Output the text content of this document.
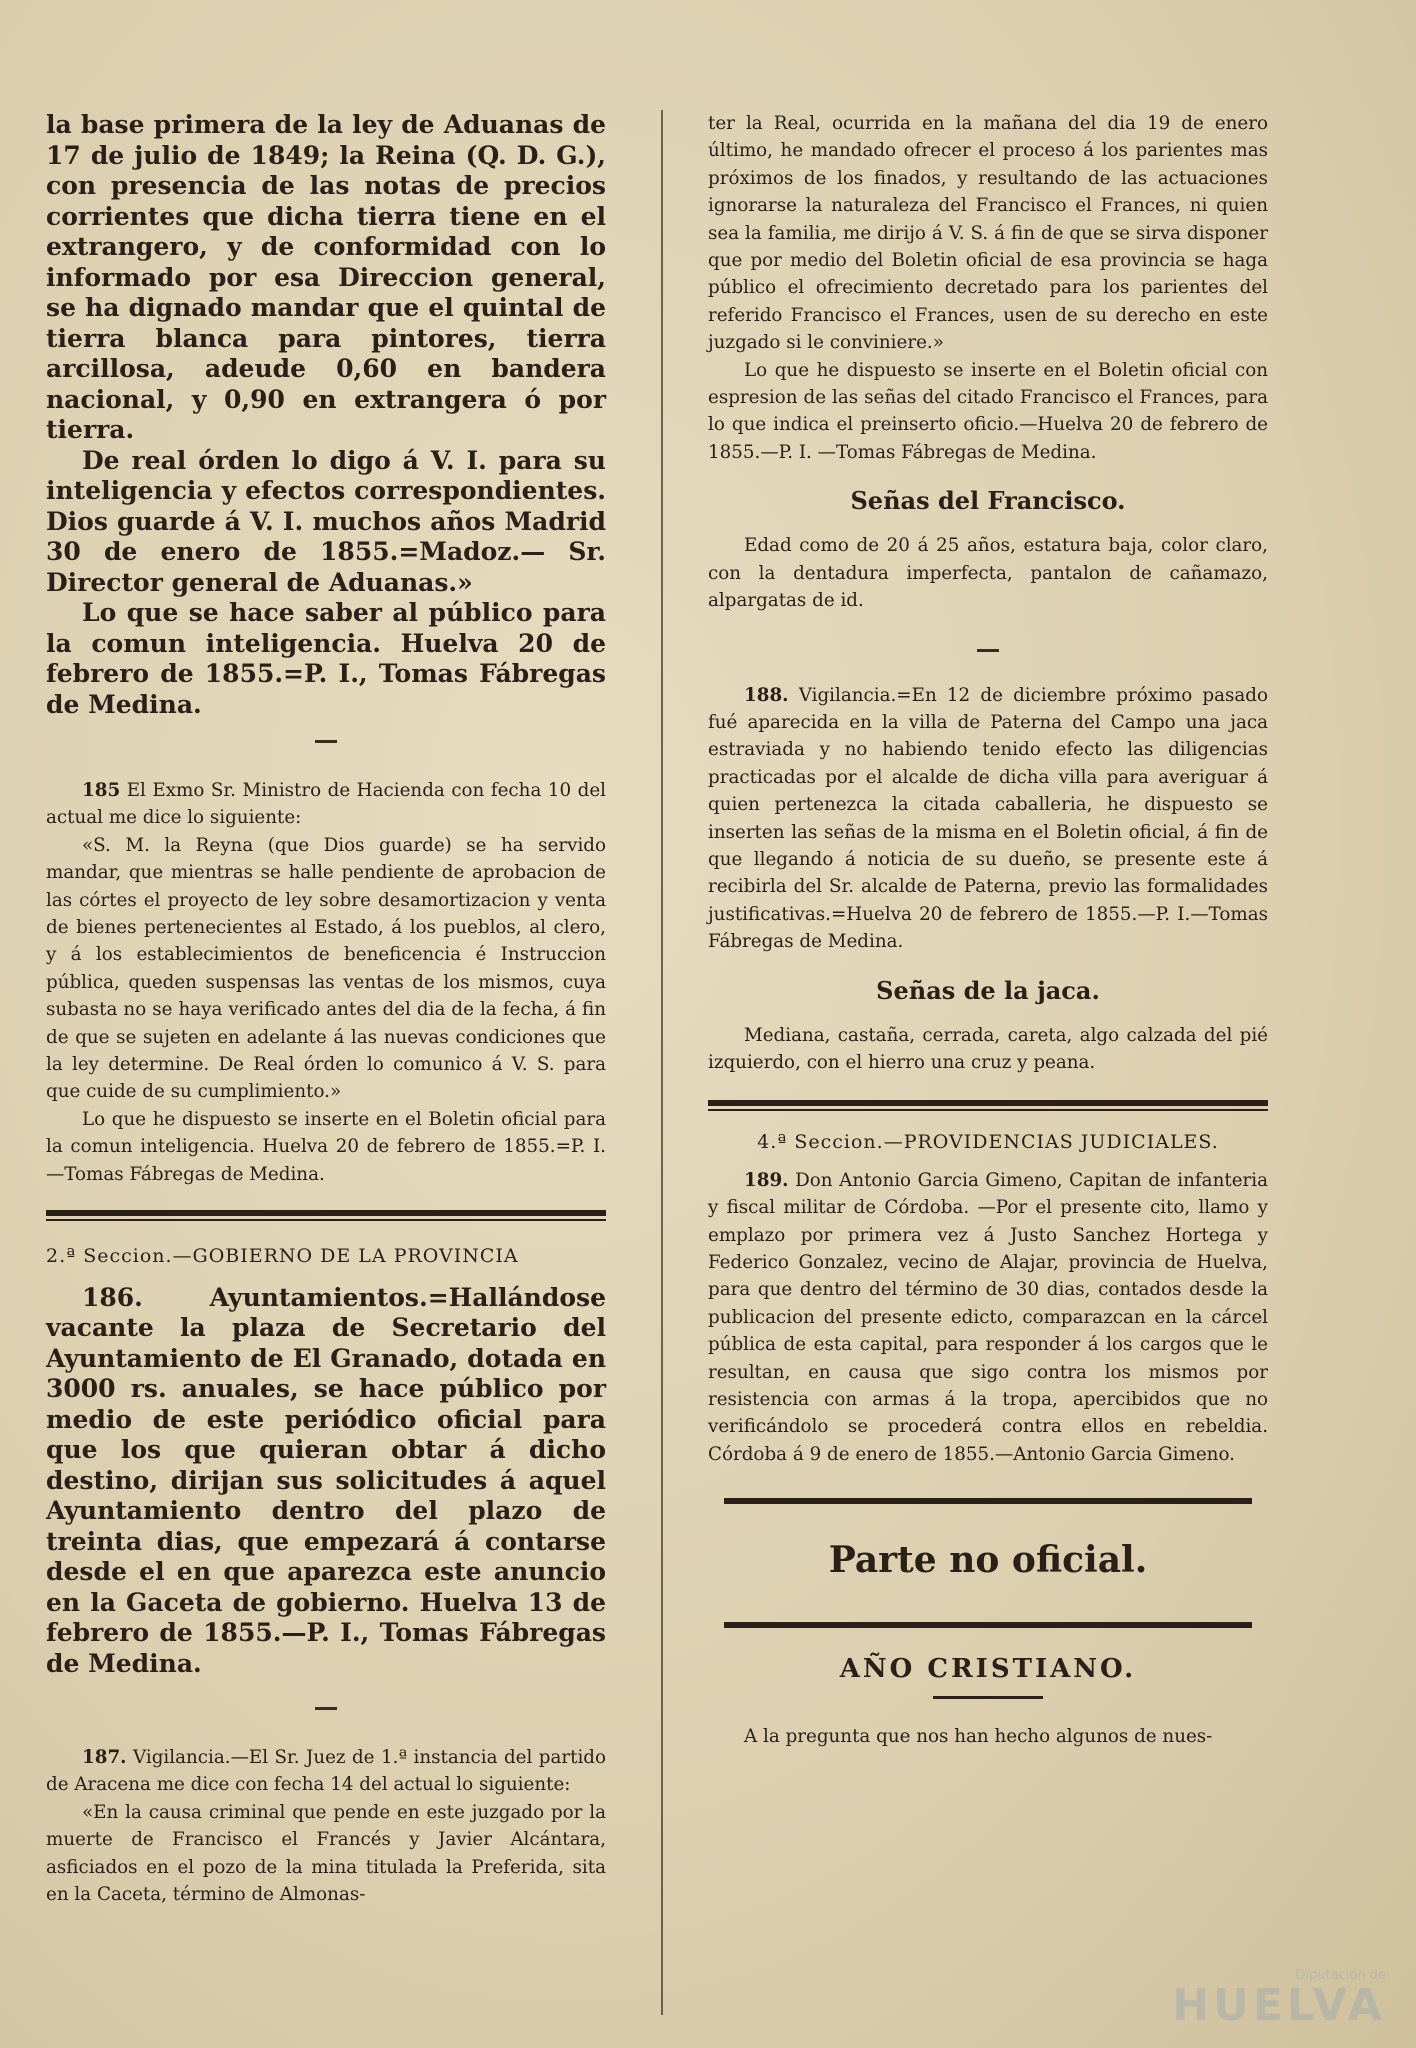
la base primera de la ley de Aduanas de 17 de julio de 1849; la Reina (Q. D. G.), con presencia de las notas de precios corrientes que dicha tierra tiene en el extrangero, y de conformidad con lo informado por esa Direccion general, se ha dignado mandar que el quintal de tierra blanca para pintores, tierra arcillosa, adeude 0,60 en bandera nacional, y 0,90 en extrangera ó por tierra.

De real órden lo digo á V. I. para su inteligencia y efectos correspondientes. Dios guarde á V. I. muchos años Madrid 30 de enero de 1855.=Madoz.— Sr. Director general de Aduanas.»

Lo que se hace saber al público para la comun inteligencia. Huelva 20 de febrero de 1855.=P. I., Tomas Fábregas de Medina.

185 El Exmo Sr. Ministro de Hacienda con fecha 10 del actual me dice lo siguiente:

«S. M. la Reyna (que Dios guarde) se ha servido mandar, que mientras se halle pendiente de aprobacion de las córtes el proyecto de ley sobre desamortizacion y venta de bienes pertenecientes al Estado, á los pueblos, al clero, y á los establecimientos de beneficencia é Instruccion pública, queden suspensas las ventas de los mismos, cuya subasta no se haya verificado antes del dia de la fecha, á fin de que se sujeten en adelante á las nuevas condiciones que la ley determine. De Real órden lo comunico á V. S. para que cuide de su cumplimiento.»

Lo que he dispuesto se inserte en el Boletin oficial para la comun inteligencia. Huelva 20 de febrero de 1855.=P. I.—Tomas Fábregas de Medina.

2.ª Seccion.—GOBIERNO DE LA PROVINCIA

186.	Ayuntamientos.=Hallándose vacante la plaza de Secretario del Ayuntamiento de El Granado, dotada en 3000 rs. anuales, se hace público por medio de este periódico oficial para que los que quieran obtar á dicho destino, dirijan sus solicitudes á aquel Ayuntamiento dentro del plazo de treinta dias, que empezará á contarse desde el en que aparezca este anuncio en la Gaceta de gobierno. Huelva 13 de febrero de 1855.—P. I., Tomas Fábregas de Medina.

187. Vigilancia.—El Sr. Juez de 1.ª instancia del partido de Aracena me dice con fecha 14 del actual lo siguiente:

«En la causa criminal que pende en este juzgado por la muerte de Francisco el Francés y Javier Alcántara, asficiados en el pozo de la mina titulada la Preferida, sita en la Caceta, término de Almonas-

ter la Real, ocurrida en la mañana del dia 19 de enero último, he mandado ofrecer el proceso á los parientes mas próximos de los finados, y resultando de las actuaciones ignorarse la naturaleza del Francisco el Frances, ni quien sea la familia, me dirijo á V. S. á fin de que se sirva disponer que por medio del Boletin oficial de esa provincia se haga público el ofrecimiento decretado para los parientes del referido Francisco el Frances, usen de su derecho en este juzgado si le conviniere.»

Lo que he dispuesto se inserte en el Boletin oficial con espresion de las señas del citado Francisco el Frances, para lo que indica el preinserto oficio.—Huelva 20 de febrero de 1855.—P. I. —Tomas Fábregas de Medina.

Señas del Francisco.

Edad como de 20 á 25 años, estatura baja, color claro, con la dentadura imperfecta, pantalon de cañamazo, alpargatas de id.

188. Vigilancia.=En 12 de diciembre próximo pasado fué aparecida en la villa de Paterna del Campo una jaca estraviada y no habiendo tenido efecto las diligencias practicadas por el alcalde de dicha villa para averiguar á quien pertenezca la citada caballeria, he dispuesto se inserten las señas de la misma en el Boletin oficial, á fin de que llegando á noticia de su dueño, se presente este á recibirla del Sr. alcalde de Paterna, previo las formalidades justificativas.=Huelva 20 de febrero de 1855.—P. I.—Tomas Fábregas de Medina.

Señas de la jaca.

Mediana, castaña, cerrada, careta, algo calzada del pié izquierdo, con el hierro una cruz y peana.

4.ª Seccion.—PROVIDENCIAS JUDICIALES.

189. Don Antonio Garcia Gimeno, Capitan de infanteria y fiscal militar de Córdoba. —Por el presente cito, llamo y emplazo por primera vez á Justo Sanchez Hortega y Federico Gonzalez, vecino de Alajar, provincia de Huelva, para que dentro del término de 30 dias, contados desde la publicacion del presente edicto, comparazcan en la cárcel pública de esta capital, para responder á los cargos que le resultan, en causa que sigo contra los mismos por resistencia con armas á la tropa, apercibidos que no verificándolo se procederá contra ellos en rebeldia. Córdoba á 9 de enero de 1855.—Antonio Garcia Gimeno.

Parte no oficial.

AÑO CRISTIANO.

A la pregunta que nos han hecho algunos de nues-

Diputación de
HUELVA
